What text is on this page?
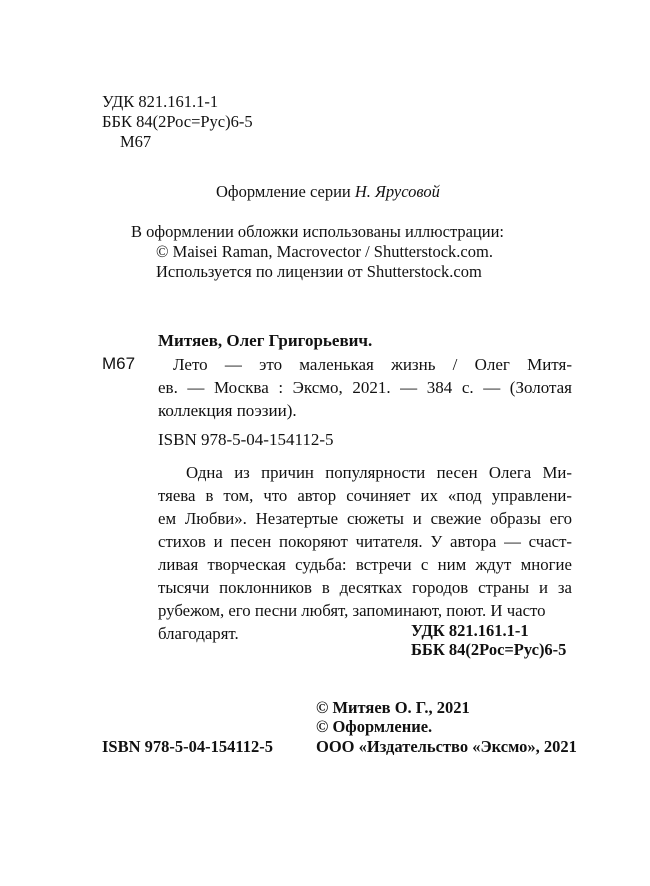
УДК 821.161.1-1
ББК 84(2Рос=Рус)6-5
М67
Оформление серии Н. Ярусовой
В оформлении обложки использованы иллюстрации:
© Maisei Raman, Macrovector / Shutterstock.com.
Используется по лицензии от Shutterstock.com
Митяев, Олег Григорьевич.
М67	Лето — это маленькая жизнь / Олег Митя-
ев. — Москва : Эксмо, 2021. — 384 с. — (Золотая
коллекция поэзии).
ISBN 978-5-04-154112-5
Одна из причин популярности песен Олега Ми-
тяева в том, что автор сочиняет их «под управлени-
ем Любви». Незатертые сюжеты и свежие образы его
стихов и песен покоряют читателя. У автора — счаст-
ливая творческая судьба: встречи с ним ждут многие
тысячи поклонников в десятках городов страны и за
рубежом, его песни любят, запоминают, поют. И часто
благодарят.	УДК 821.161.1-1
ББК 84(2Рос=Рус)6-5
© Митяев О. Г., 2021
© Оформление.
ООО «Издательство «Эксмо», 2021
ISBN 978-5-04-154112-5
